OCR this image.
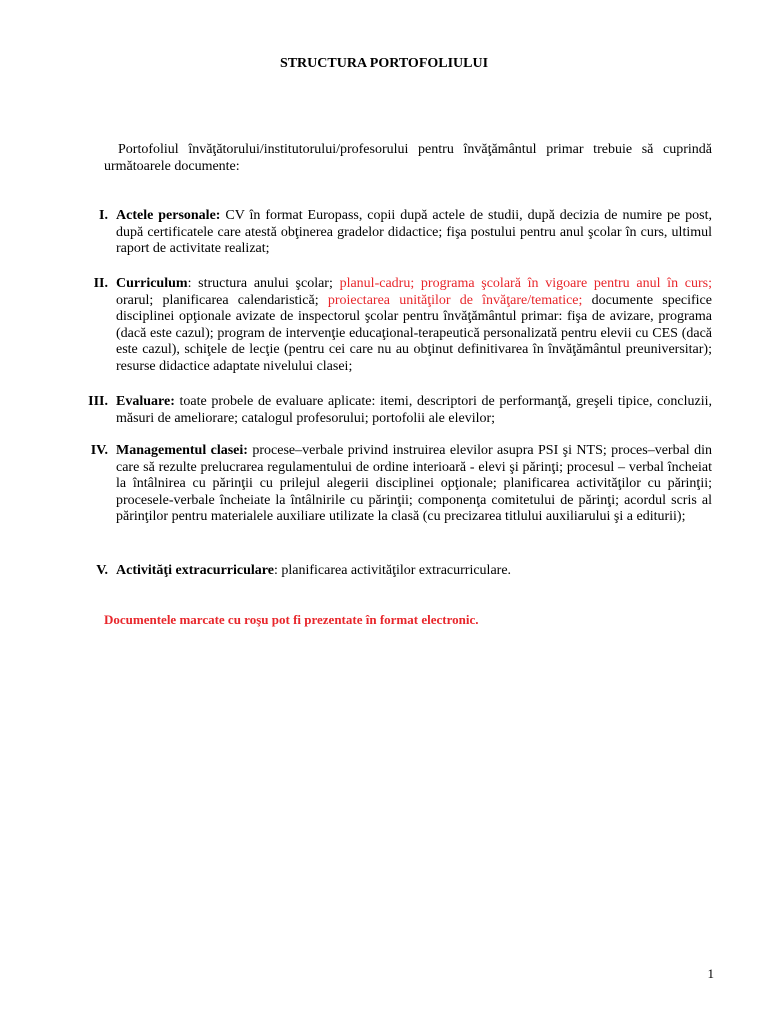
STRUCTURA PORTOFOLIULUI
Portofoliul învăţătorului/institutorului/profesorului pentru învăţământul primar trebuie să cuprindă următoarele documente:
I. Actele personale: CV în format Europass, copii după actele de studii, după decizia de numire pe post, după certificatele care atestă obţinerea gradelor didactice; fişa postului pentru anul şcolar în curs, ultimul raport de activitate realizat;
II. Curriculum: structura anului şcolar; planul-cadru; programa şcolară în vigoare pentru anul în curs; orarul; planificarea calendaristică; proiectarea unităţilor de învăţare/tematice; documente specifice disciplinei opţionale avizate de inspectorul şcolar pentru învăţământul primar: fişa de avizare, programa (dacă este cazul); program de intervenţie educaţional-terapeutică personalizată pentru elevii cu CES (dacă este cazul), schiţele de lecţie (pentru cei care nu au obţinut definitivarea în învăţământul preuniversitar); resurse didactice adaptate nivelului clasei;
III. Evaluare: toate probele de evaluare aplicate: itemi, descriptori de performanţă, greşeli tipice, concluzii, măsuri de ameliorare; catalogul profesorului; portofolii ale elevilor;
IV. Managementul clasei: procese–verbale privind instruirea elevilor asupra PSI şi NTS; proces–verbal din care să rezulte prelucrarea regulamentului de ordine interioară - elevi şi părinţi; procesul – verbal încheiat la întâlnirea cu părinţii cu prilejul alegerii disciplinei opţionale; planificarea activităţilor cu părinţii; procesele-verbale încheiate la întâlnirile cu părinţii; componenţa comitetului de părinţi; acordul scris al părinţilor pentru materialele auxiliare utilizate la clasă (cu precizarea titlului auxiliarului şi a editurii);
V. Activităţi extracurriculare: planificarea activităţilor extracurriculare.
Documentele marcate cu roşu pot fi prezentate în format electronic.
1
